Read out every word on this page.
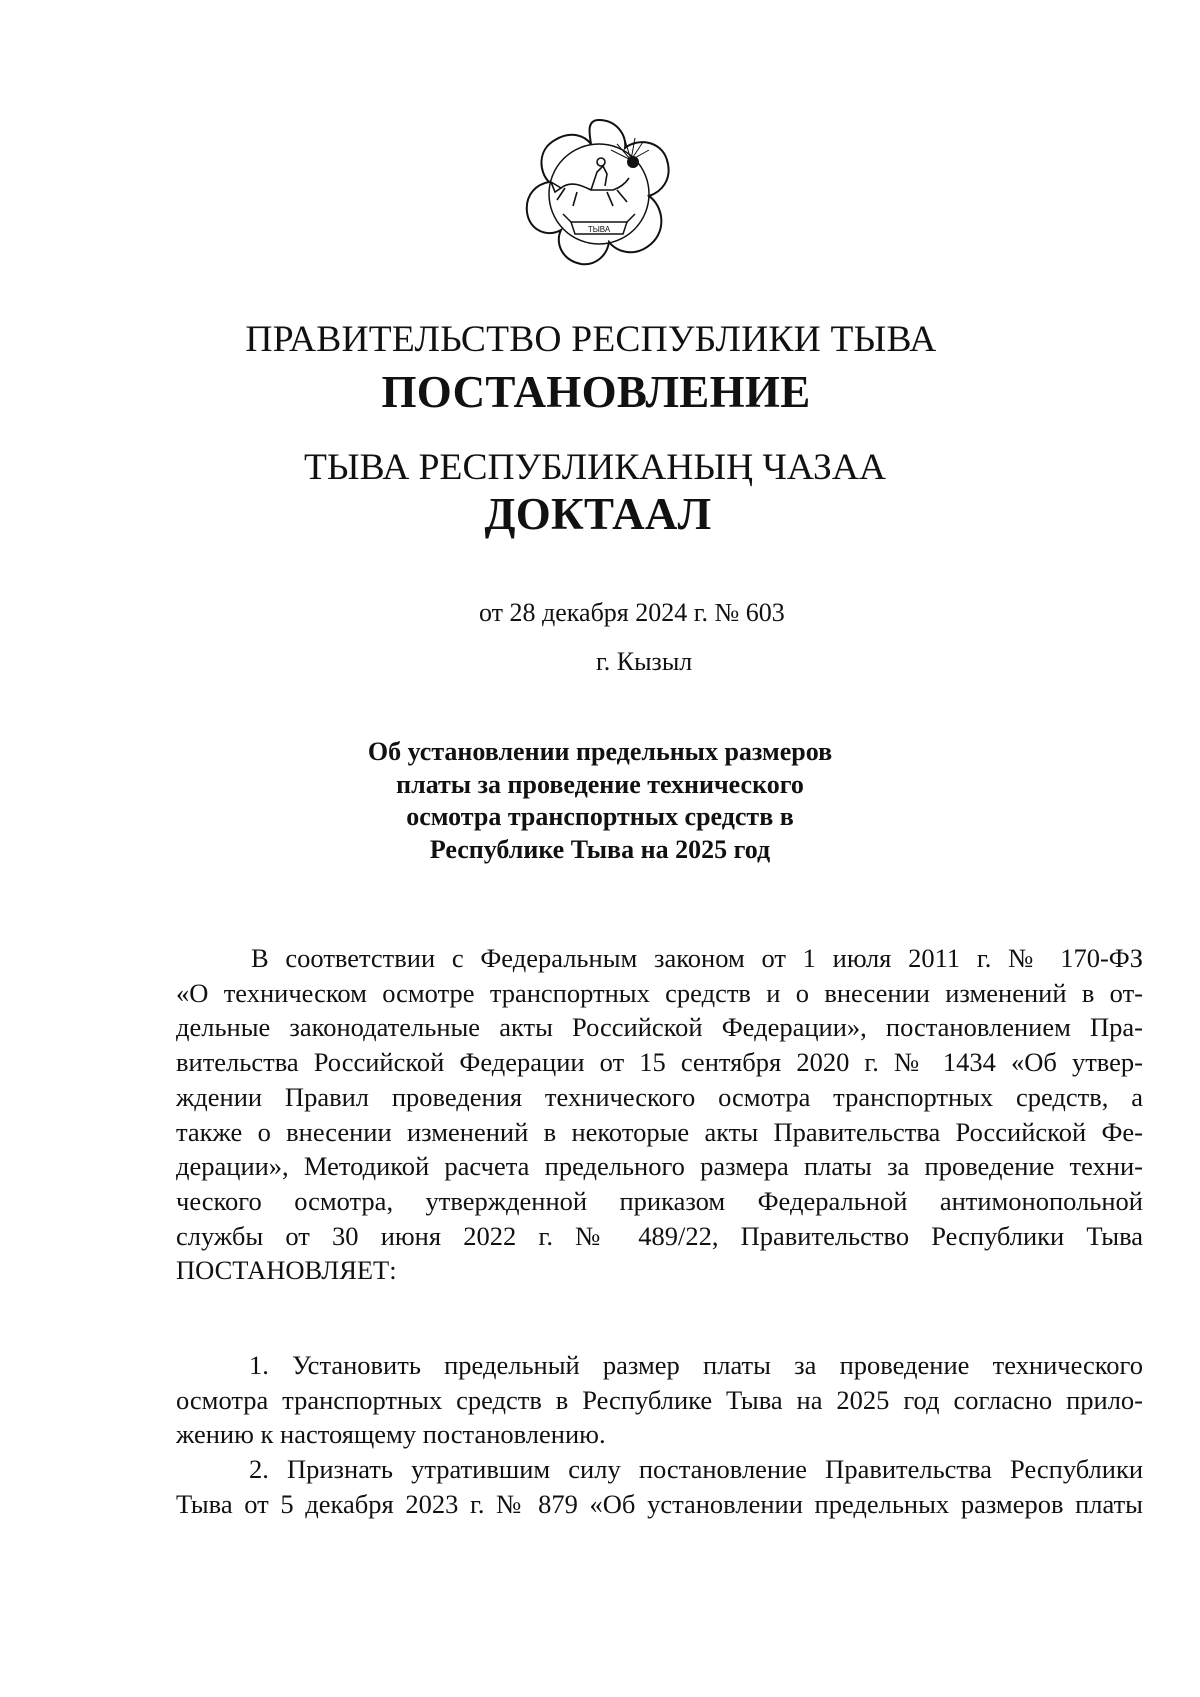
ТЫВА
ПРАВИТЕЛЬСТВО РЕСПУБЛИКИ ТЫВА
ПОСТАНОВЛЕНИЕ
ТЫВА РЕСПУБЛИКАНЫҢ ЧАЗАА
ДОКТААЛ
от 28 декабря 2024 г. № 603
г. Кызыл
Об установлении предельных размеров
платы за проведение технического
осмотра транспортных средств в
Республике Тыва на 2025 год
В соответствии с Федеральным законом от 1 июля 2011 г. № 170-ФЗ
«О техническом осмотре транспортных средств и о внесении изменений в от-
дельные законодательные акты Российской Федерации», постановлением Пра-
вительства Российской Федерации от 15 сентября 2020 г. № 1434 «Об утвер-
ждении Правил проведения технического осмотра транспортных средств, а
также о внесении изменений в некоторые акты Правительства Российской Фе-
дерации», Методикой расчета предельного размера платы за проведение техни-
ческого осмотра, утвержденной приказом Федеральной антимонопольной
службы от 30 июня 2022 г. № 489/22, Правительство Республики Тыва
ПОСТАНОВЛЯЕТ:
1. Установить предельный размер платы за проведение технического
осмотра транспортных средств в Республике Тыва на 2025 год согласно прило-
жению к настоящему постановлению.
2. Признать утратившим силу постановление Правительства Республики
Тыва от 5 декабря 2023 г. № 879 «Об установлении предельных размеров платы
